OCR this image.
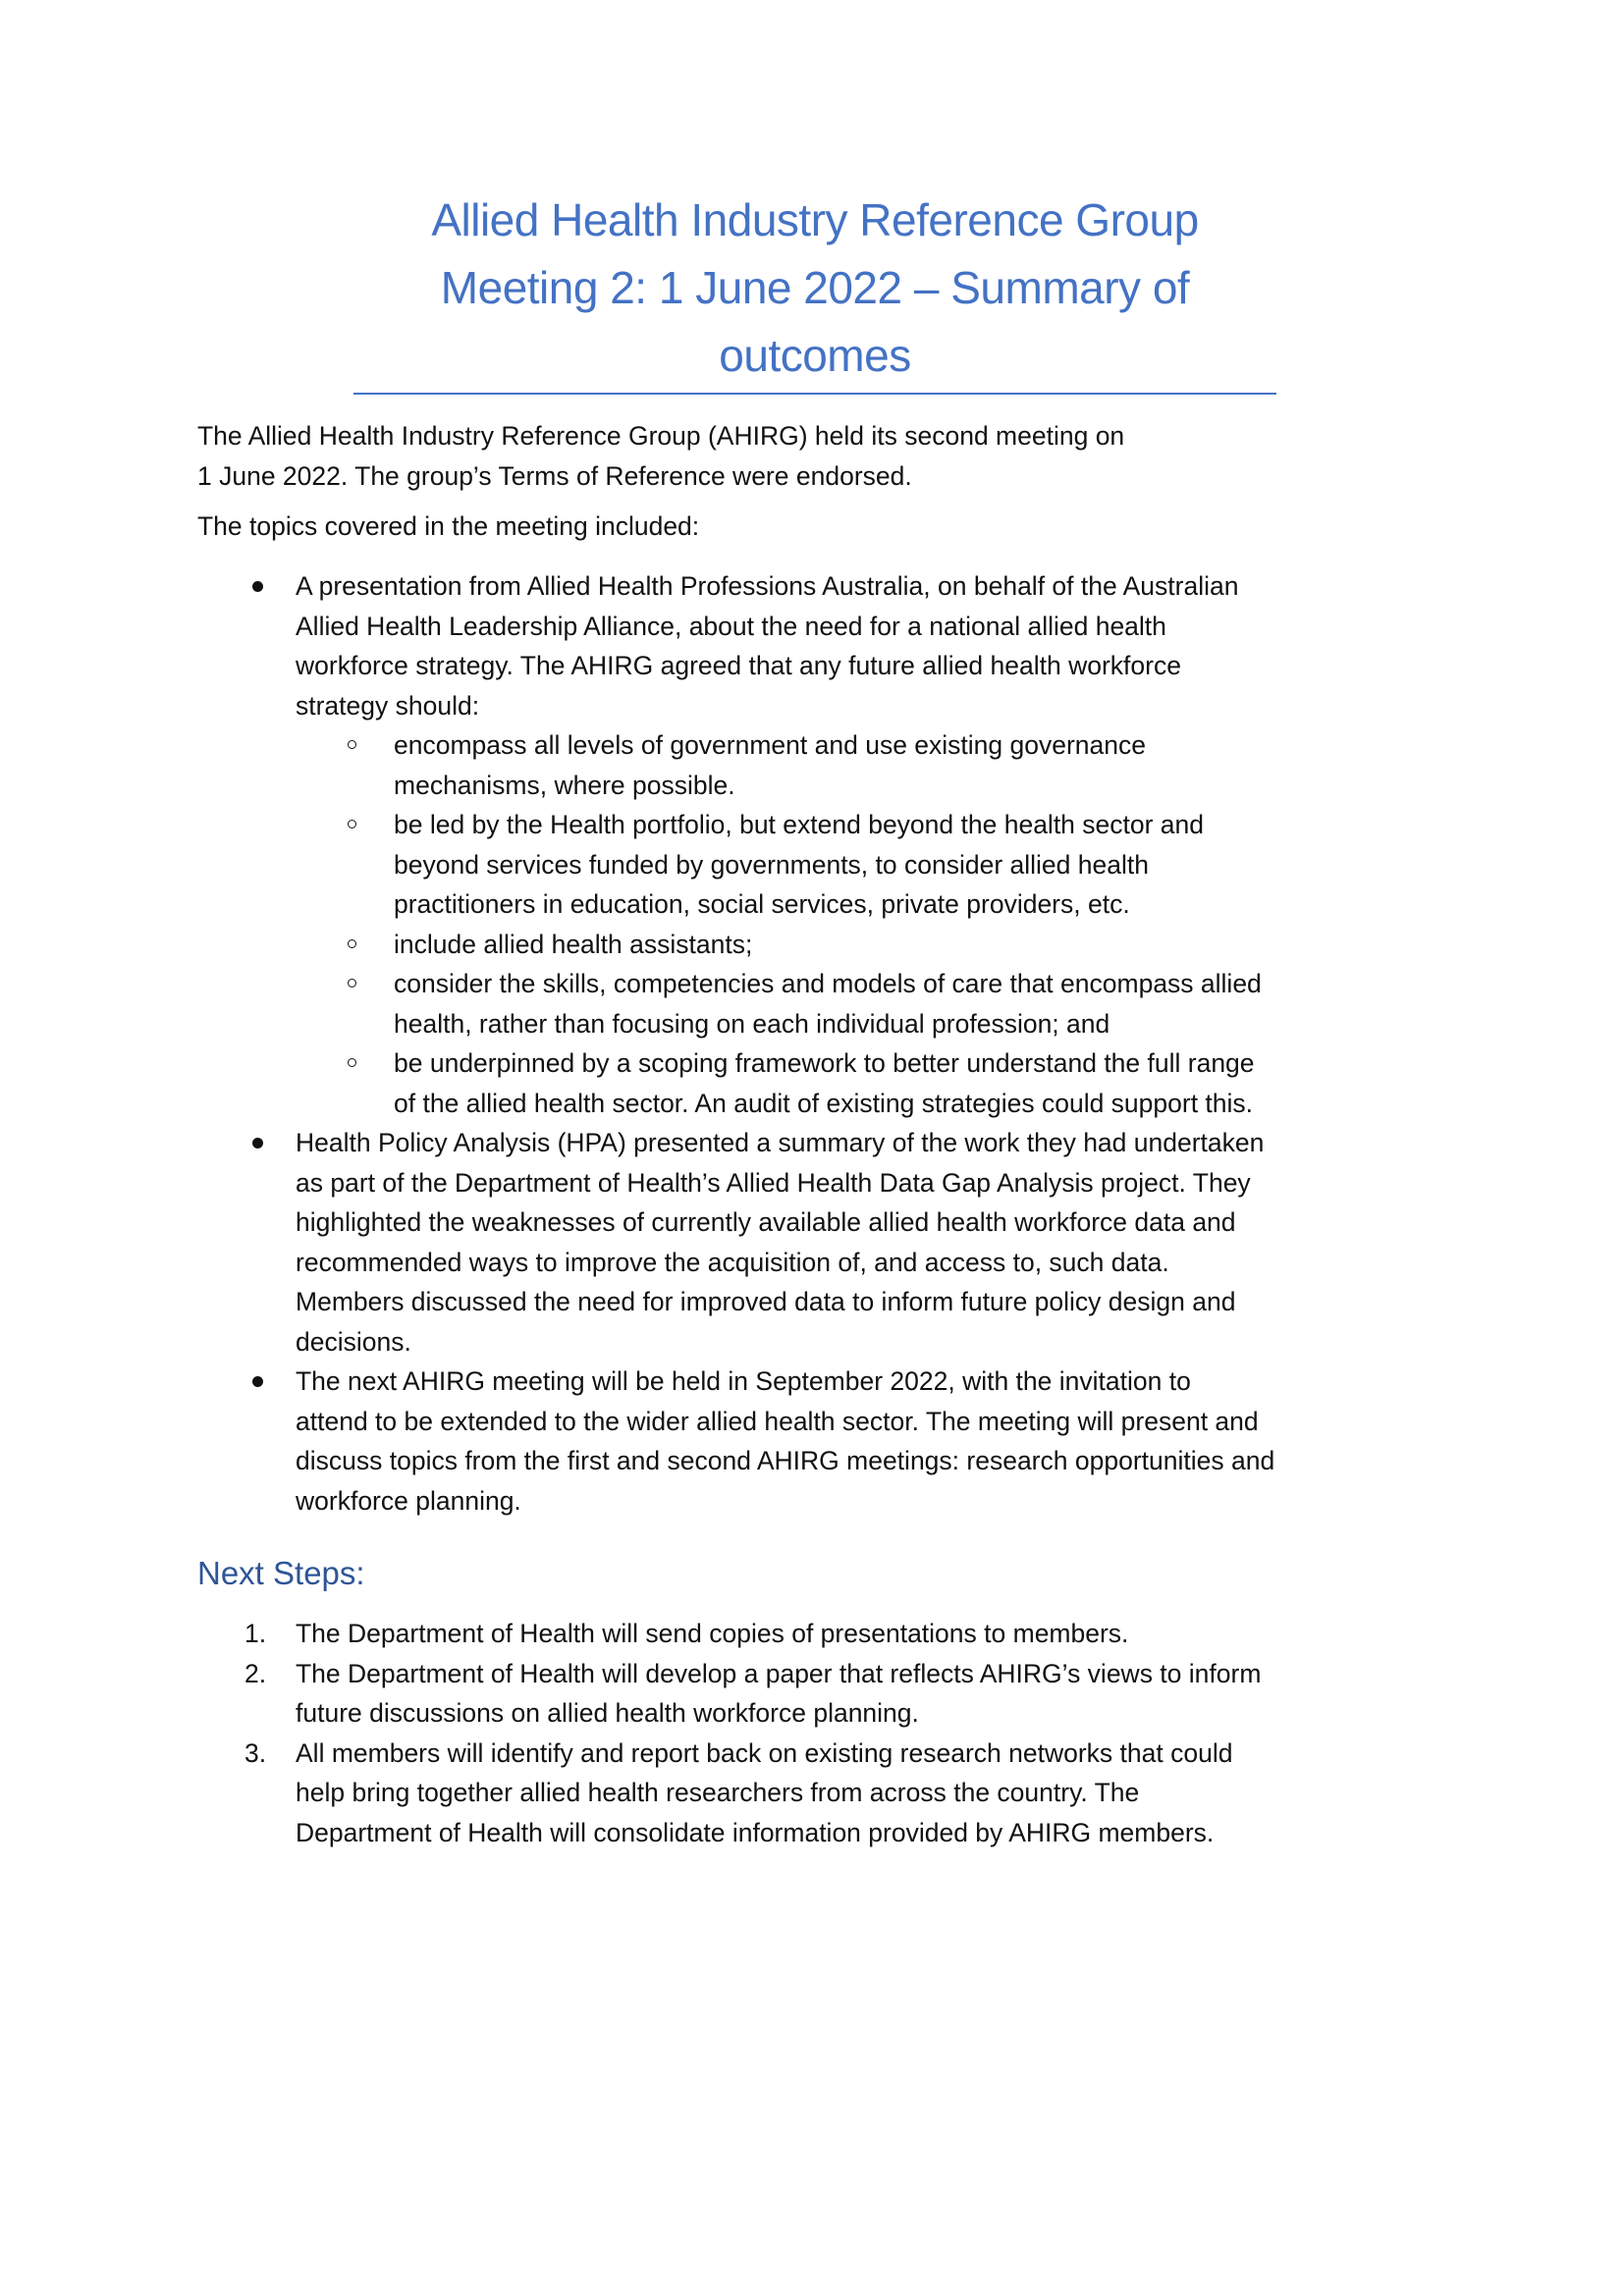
Allied Health Industry Reference Group
Meeting 2: 1 June 2022 – Summary of
outcomes

The Allied Health Industry Reference Group (AHIRG) held its second meeting on
1 June 2022. The group’s Terms of Reference were endorsed.

The topics covered in the meeting included:

A presentation from Allied Health Professions Australia, on behalf of the Australian
Allied Health Leadership Alliance, about the need for a national allied health
workforce strategy. The AHIRG agreed that any future allied health workforce
strategy should:
encompass all levels of government and use existing governance
mechanisms, where possible.
be led by the Health portfolio, but extend beyond the health sector and
beyond services funded by governments, to consider allied health
practitioners in education, social services, private providers, etc.
include allied health assistants;
consider the skills, competencies and models of care that encompass allied
health, rather than focusing on each individual profession; and
be underpinned by a scoping framework to better understand the full range
of the allied health sector. An audit of existing strategies could support this.
Health Policy Analysis (HPA) presented a summary of the work they had undertaken
as part of the Department of Health’s Allied Health Data Gap Analysis project. They
highlighted the weaknesses of currently available allied health workforce data and
recommended ways to improve the acquisition of, and access to, such data.
Members discussed the need for improved data to inform future policy design and
decisions.
The next AHIRG meeting will be held in September 2022, with the invitation to
attend to be extended to the wider allied health sector. The meeting will present and
discuss topics from the first and second AHIRG meetings: research opportunities and
workforce planning.
Next Steps:
1. The Department of Health will send copies of presentations to members.
2. The Department of Health will develop a paper that reflects AHIRG’s views to inform
future discussions on allied health workforce planning.
3. All members will identify and report back on existing research networks that could
help bring together allied health researchers from across the country. The
Department of Health will consolidate information provided by AHIRG members.
